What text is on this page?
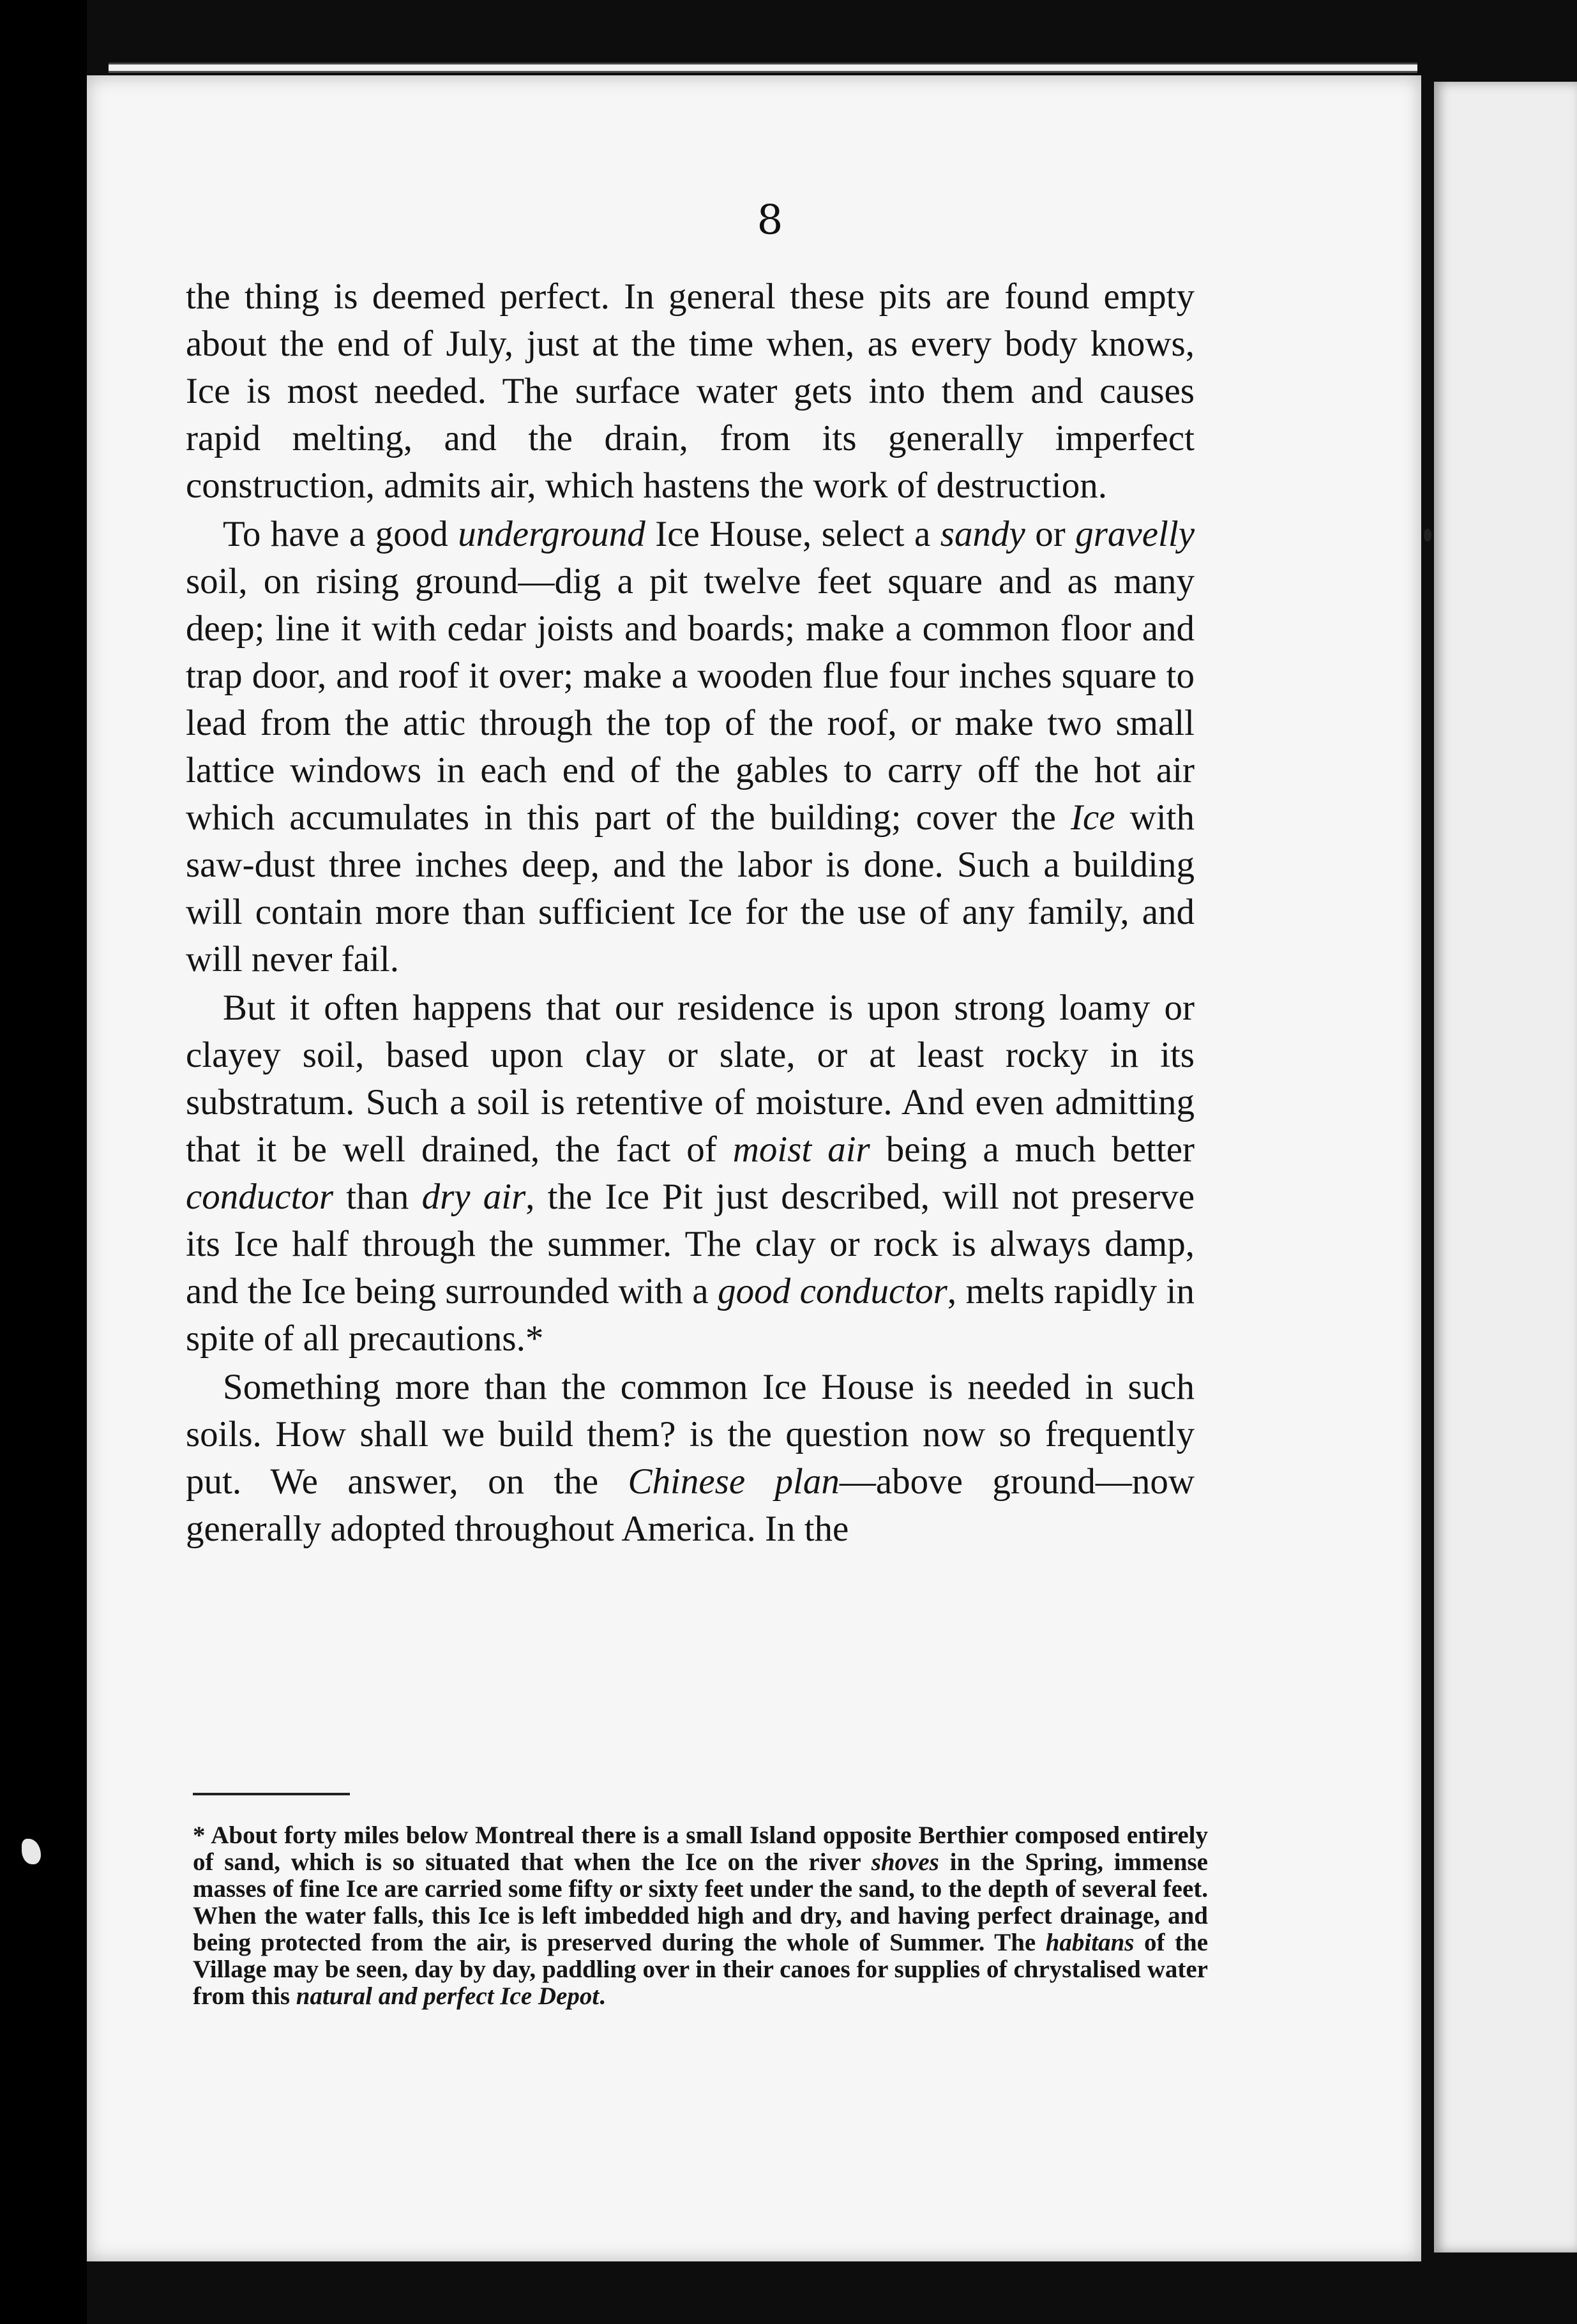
8

the thing is deemed perfect. In general these pits are found empty about the end of July, just at the time when, as every body knows, Ice is most needed. The surface water gets into them and causes rapid melting, and the drain, from its generally imperfect construction, admits air, which hastens the work of destruction.

To have a good underground Ice House, select a sandy or gravelly soil, on rising ground—dig a pit twelve feet square and as many deep; line it with cedar joists and boards; make a common floor and trap door, and roof it over; make a wooden flue four inches square to lead from the attic through the top of the roof, or make two small lattice windows in each end of the gables to carry off the hot air which accumulates in this part of the building; cover the Ice with saw-dust three inches deep, and the labor is done. Such a building will contain more than sufficient Ice for the use of any family, and will never fail.

But it often happens that our residence is upon strong loamy or clayey soil, based upon clay or slate, or at least rocky in its substratum. Such a soil is retentive of moisture. And even admitting that it be well drained, the fact of moist air being a much better conductor than dry air, the Ice Pit just described, will not preserve its Ice half through the summer. The clay or rock is always damp, and the Ice being surrounded with a good conductor, melts rapidly in spite of all precautions.*

Something more than the common Ice House is needed in such soils. How shall we build them? is the question now so frequently put. We answer, on the Chinese plan—above ground—now generally adopted throughout America. In the

* About forty miles below Montreal there is a small Island opposite Berthier composed entirely of sand, which is so situated that when the Ice on the river shoves in the Spring, immense masses of fine Ice are carried some fifty or sixty feet under the sand, to the depth of several feet. When the water falls, this Ice is left imbedded high and dry, and having perfect drainage, and being protected from the air, is preserved during the whole of Summer. The habitans of the Village may be seen, day by day, paddling over in their canoes for supplies of chrystalised water from this natural and perfect Ice Depot.
